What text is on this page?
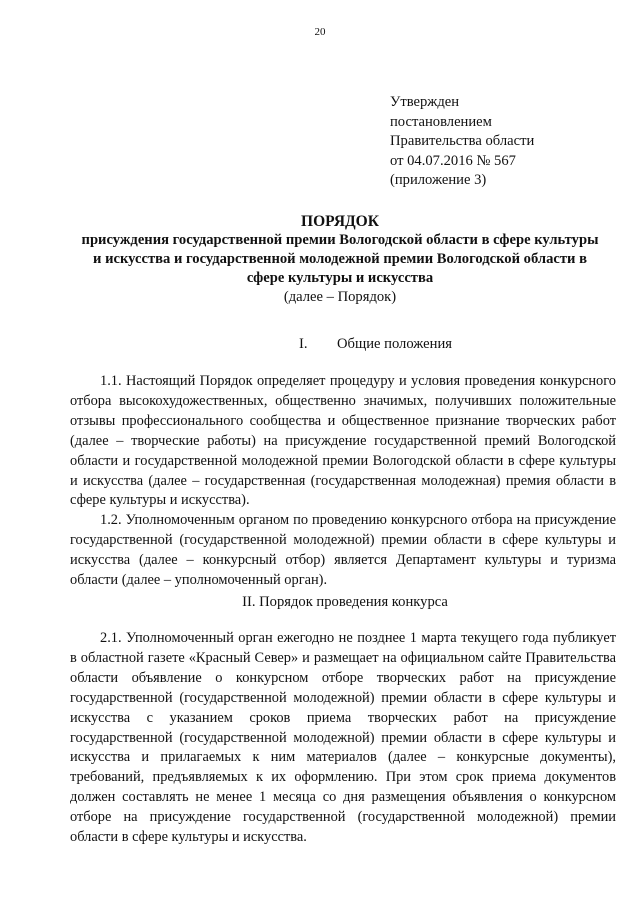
20
Утвержден
постановлением
Правительства области
от 04.07.2016 № 567
(приложение 3)
ПОРЯДОК
присуждения государственной премии Вологодской области в сфере культуры и искусства и государственной молодежной премии Вологодской области в сфере культуры и искусства
(далее – Порядок)
I. Общие положения

1.1. Настоящий Порядок определяет процедуру и условия проведения конкурсного отбора высокохудожественных, общественно значимых, получивших положительные отзывы профессионального сообщества и общественное признание творческих работ (далее – творческие работы) на присуждение государственной премий Вологодской области и государственной молодежной премии Вологодской области в сфере культуры и искусства (далее – государственная (государственная молодежная) премия области в сфере культуры и искусства).

1.2. Уполномоченным органом по проведению конкурсного отбора на присуждение государственной (государственной молодежной) премии области в сфере культуры и искусства (далее – конкурсный отбор) является Департамент культуры и туризма области (далее – уполномоченный орган).

II. Порядок проведения конкурса

2.1. Уполномоченный орган ежегодно не позднее 1 марта текущего года публикует в областной газете «Красный Север» и размещает на официальном сайте Правительства области объявление о конкурсном отборе творческих работ на присуждение государственной (государственной молодежной) премии области в сфере культуры и искусства с указанием сроков приема творческих работ на присуждение государственной (государственной молодежной) премии области в сфере культуры и искусства и прилагаемых к ним материалов (далее – конкурсные документы), требований, предъявляемых к их оформлению. При этом срок приема документов должен составлять не менее 1 месяца со дня размещения объявления о конкурсном отборе на присуждение государственной (государственной молодежной) премии области в сфере культуры и искусства.
